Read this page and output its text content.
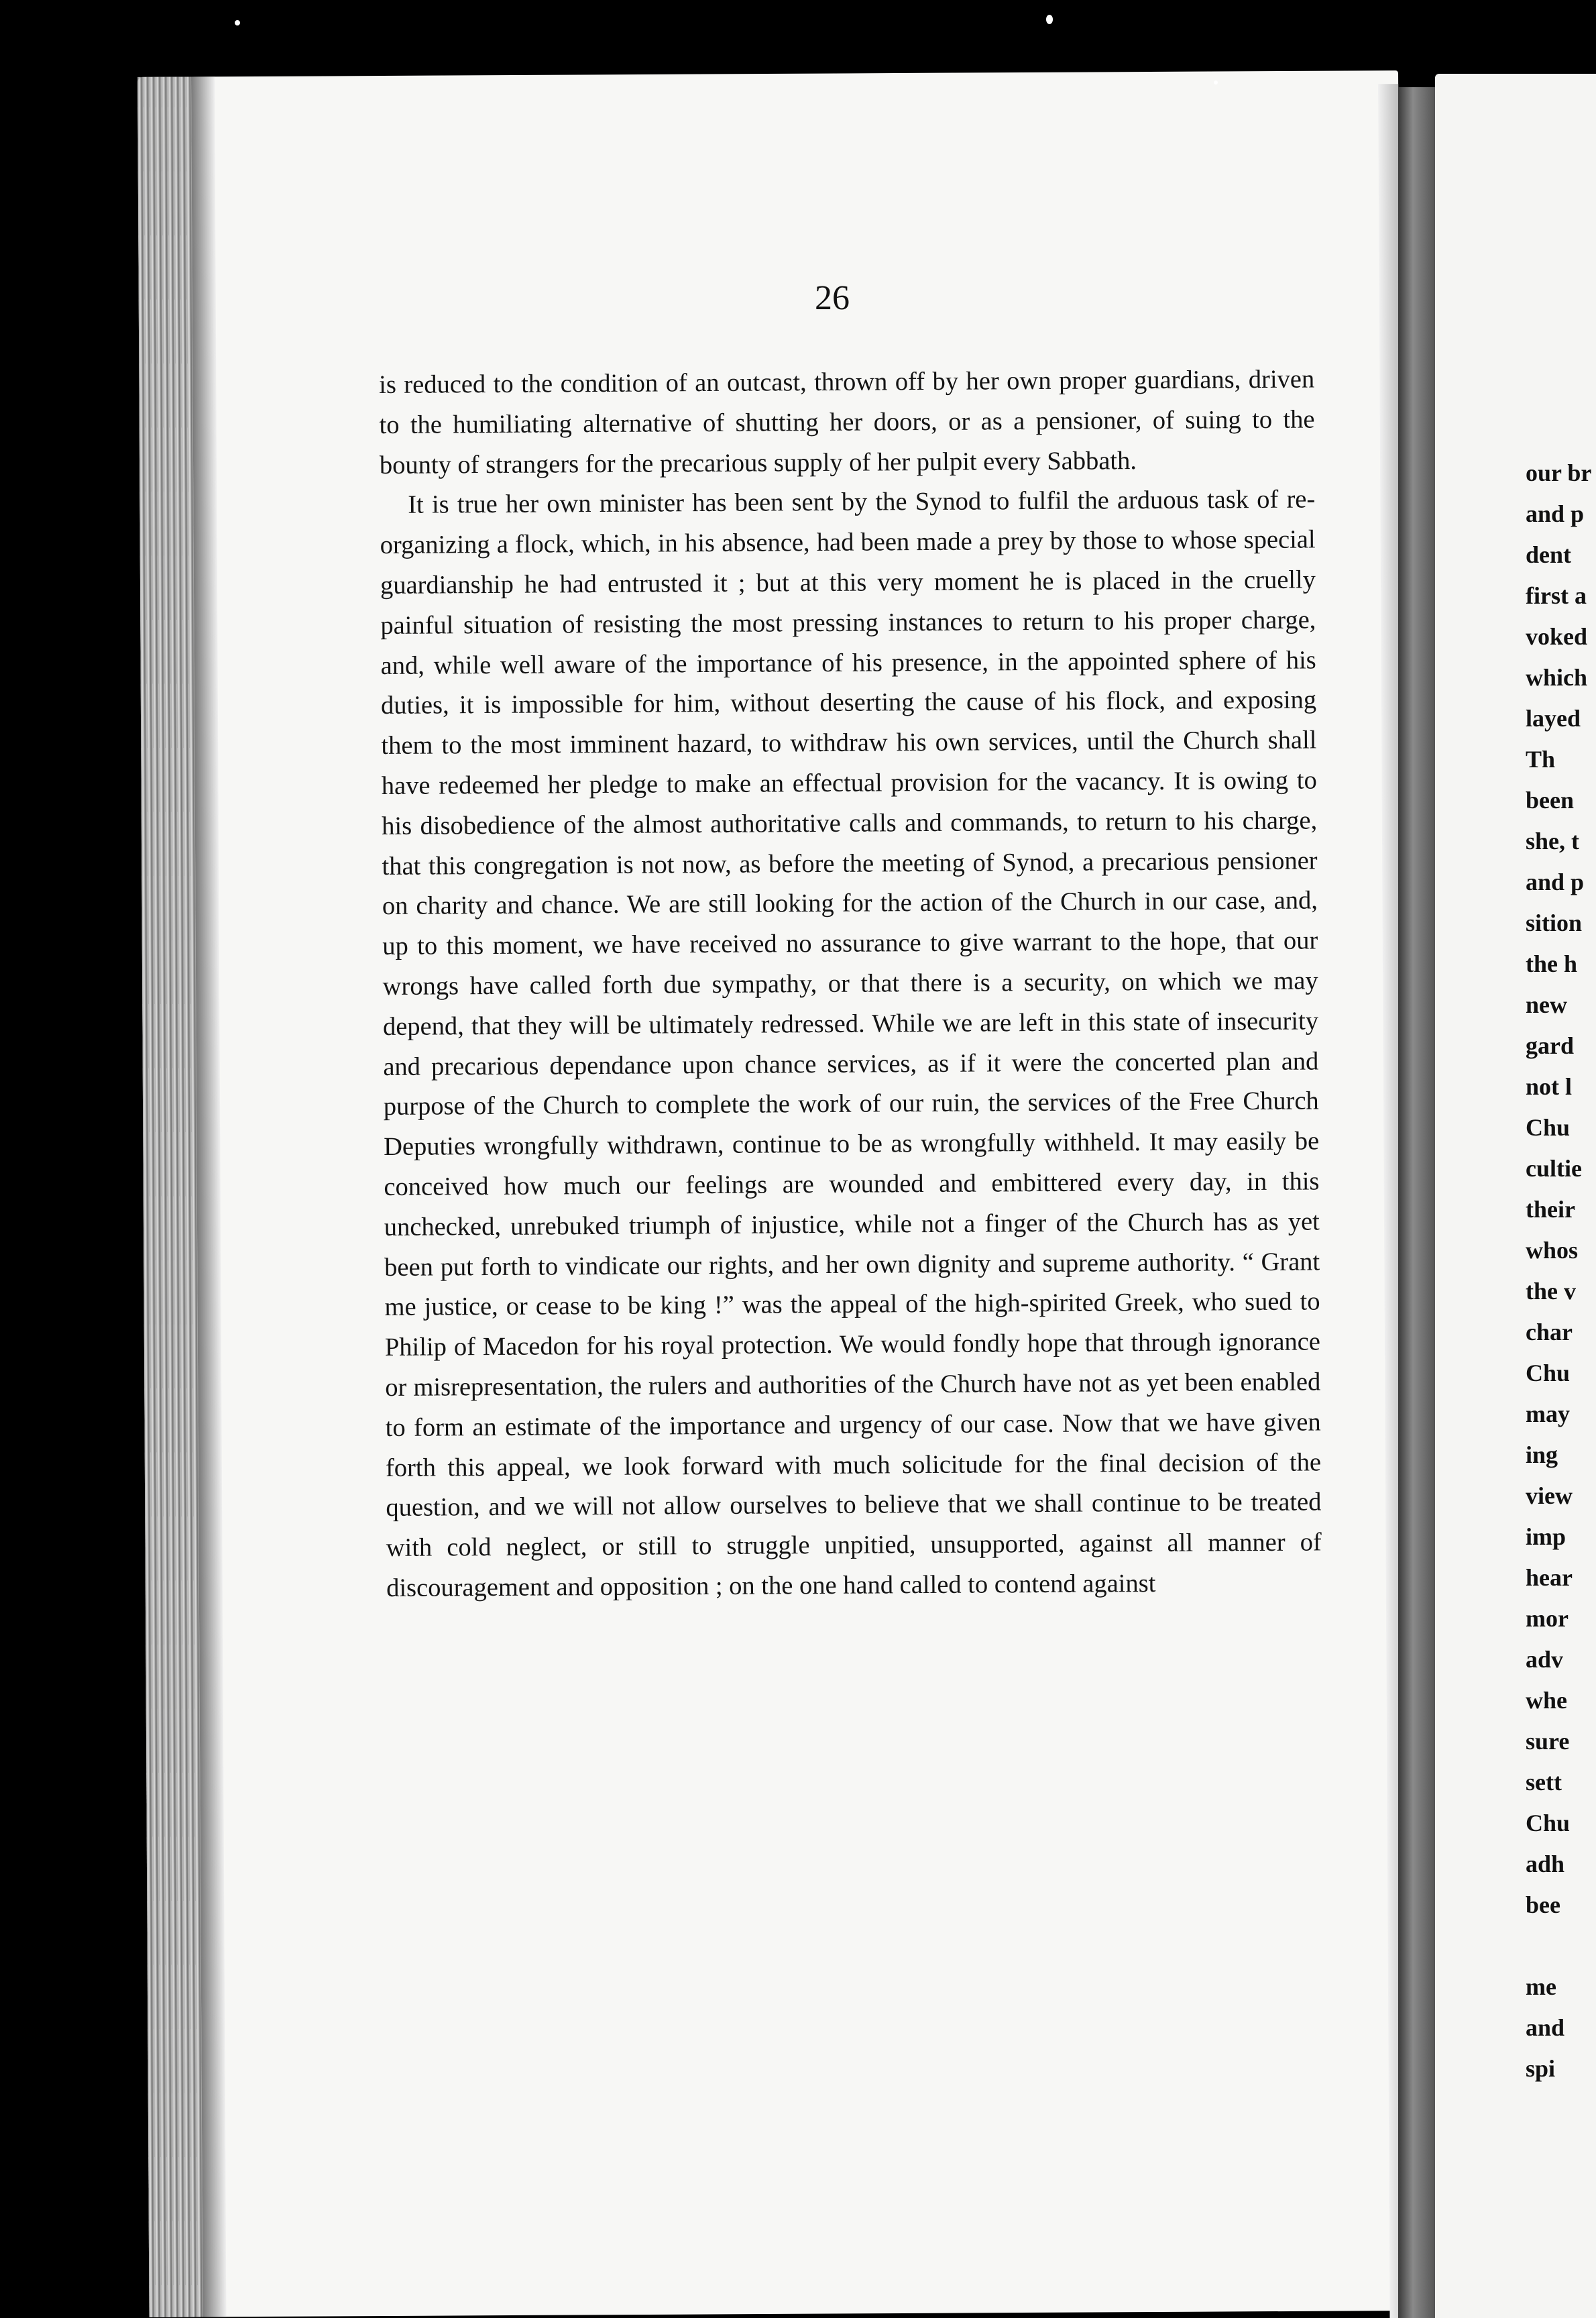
our br
and p
dent
first a
voked
which
layed
Th
been
she, t
and p
sition
the h
new
gard
not l
Chu
cultie
their
whos
the v
char
Chu
may
ing
view
imp
hear
mor
adv
whe
sure
sett
Chu
adh
bee
me
and
spi
26

is reduced to the condition of an outcast, thrown off by her own proper guardians, driven to the humiliating alternative of shutting her doors, or as a pensioner, of suing to the bounty of strangers for the precarious supply of her pulpit every Sabbath.

It is true her own minister has been sent by the Synod to fulfil the arduous task of re-organizing a flock, which, in his absence, had been made a prey by those to whose special guardianship he had entrusted it ; but at this very moment he is placed in the cruelly painful situation of resisting the most pressing instances to return to his proper charge, and, while well aware of the importance of his presence, in the appointed sphere of his duties, it is impossible for him, without deserting the cause of his flock, and exposing them to the most imminent hazard, to withdraw his own services, until the Church shall have redeemed her pledge to make an effectual provision for the vacancy. It is owing to his disobedience of the almost authoritative calls and commands, to return to his charge, that this congregation is not now, as before the meeting of Synod, a precarious pensioner on charity and chance. We are still looking for the action of the Church in our case, and, up to this moment, we have received no assurance to give warrant to the hope, that our wrongs have called forth due sympathy, or that there is a security, on which we may depend, that they will be ultimately redressed. While we are left in this state of insecurity and precarious dependance upon chance services, as if it were the concerted plan and purpose of the Church to complete the work of our ruin, the services of the Free Church Deputies wrongfully withdrawn, continue to be as wrongfully withheld. It may easily be conceived how much our feelings are wounded and embittered every day, in this unchecked, unrebuked triumph of injustice, while not a finger of the Church has as yet been put forth to vindicate our rights, and her own dignity and supreme authority. “ Grant me justice, or cease to be king !” was the appeal of the high-spirited Greek, who sued to Philip of Macedon for his royal protection. We would fondly hope that through ignorance or misrepresentation, the rulers and authorities of the Church have not as yet been enabled to form an estimate of the importance and urgency of our case. Now that we have given forth this appeal, we look forward with much solicitude for the final decision of the question, and we will not allow ourselves to believe that we shall continue to be treated with cold neglect, or still to struggle unpitied, unsupported, against all manner of discouragement and opposition ; on the one hand called to contend against
